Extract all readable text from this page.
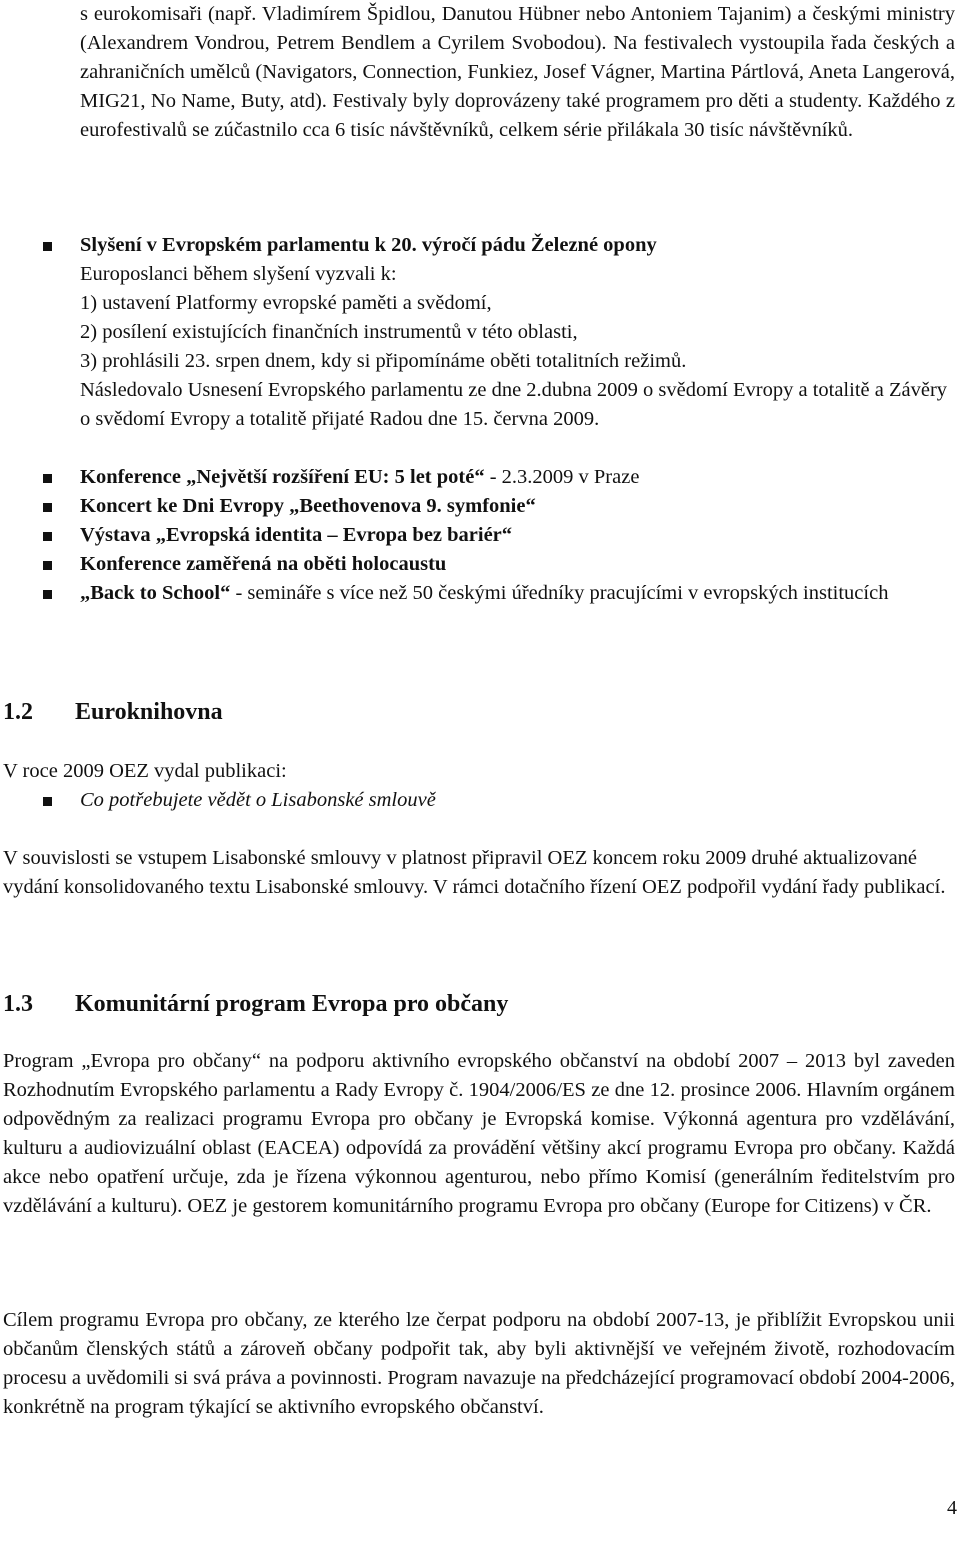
s eurokomisaři (např. Vladimírem Špidlou, Danutou Hübner nebo Antoniem Tajanim) a českými ministry (Alexandrem Vondrou, Petrem Bendlem a Cyrilem Svobodou). Na festivalech vystoupila řada českých a zahraničních umělců (Navigators, Connection, Funkiez, Josef Vágner, Martina Pártlová, Aneta Langerová, MIG21, No Name, Buty, atd). Festivaly byly doprovázeny také programem pro děti a studenty. Každého z eurofestivalů se zúčastnilo cca 6 tisíc návštěvníků, celkem série přilákala 30 tisíc návštěvníků.

Slyšení v Evropském parlamentu k 20. výročí pádu Železné opony

Europoslanci během slyšení vyzvali k:

1) ustavení Platformy evropské paměti a svědomí,

2) posílení existujících finančních instrumentů v této oblasti,

3) prohlásili 23. srpen dnem, kdy si připomínáme oběti totalitních režimů.

Následovalo Usnesení Evropského parlamentu ze dne 2.dubna 2009 o svědomí Evropy a totalitě a Závěry o svědomí Evropy a totalitě přijaté Radou dne 15. června 2009.

Konference „Největší rozšíření EU: 5 let poté“ - 2.3.2009 v Praze

Koncert ke Dni Evropy „Beethovenova 9. symfonie“

Výstava „Evropská identita – Evropa bez bariér“

Konference zaměřená na oběti holocaustu

„Back to School“ - semináře s více než 50 českými úředníky pracujícími v evropských institucích

1.2 Euroknihovna

V roce 2009 OEZ vydal publikaci:

Co potřebujete vědět o Lisabonské smlouvě

V souvislosti se vstupem Lisabonské smlouvy v platnost připravil OEZ koncem roku 2009 druhé aktualizované vydání konsolidovaného textu Lisabonské smlouvy. V rámci dotačního řízení OEZ podpořil vydání řady publikací.

1.3 Komunitární program Evropa pro občany

Program „Evropa pro občany“ na podporu aktivního evropského občanství na období 2007 – 2013 byl zaveden Rozhodnutím Evropského parlamentu a Rady Evropy č. 1904/2006/ES ze dne 12. prosince 2006. Hlavním orgánem odpovědným za realizaci programu Evropa pro občany je Evropská komise. Výkonná agentura pro vzdělávání, kulturu a audiovizuální oblast (EACEA) odpovídá za provádění většiny akcí programu Evropa pro občany. Každá akce nebo opatření určuje, zda je řízena výkonnou agenturou, nebo přímo Komisí (generálním ředitelstvím pro vzdělávání a kulturu). OEZ je gestorem komunitárního programu Evropa pro občany (Europe for Citizens) v ČR.

Cílem programu Evropa pro občany, ze kterého lze čerpat podporu na období 2007-13, je přiblížit Evropskou unii občanům členských států a zároveň občany podpořit tak, aby byli aktivnější ve veřejném životě, rozhodovacím procesu a uvědomili si svá práva a povinnosti. Program navazuje na předcházející programovací období 2004-2006, konkrétně na program týkající se aktivního evropského občanství.

4
